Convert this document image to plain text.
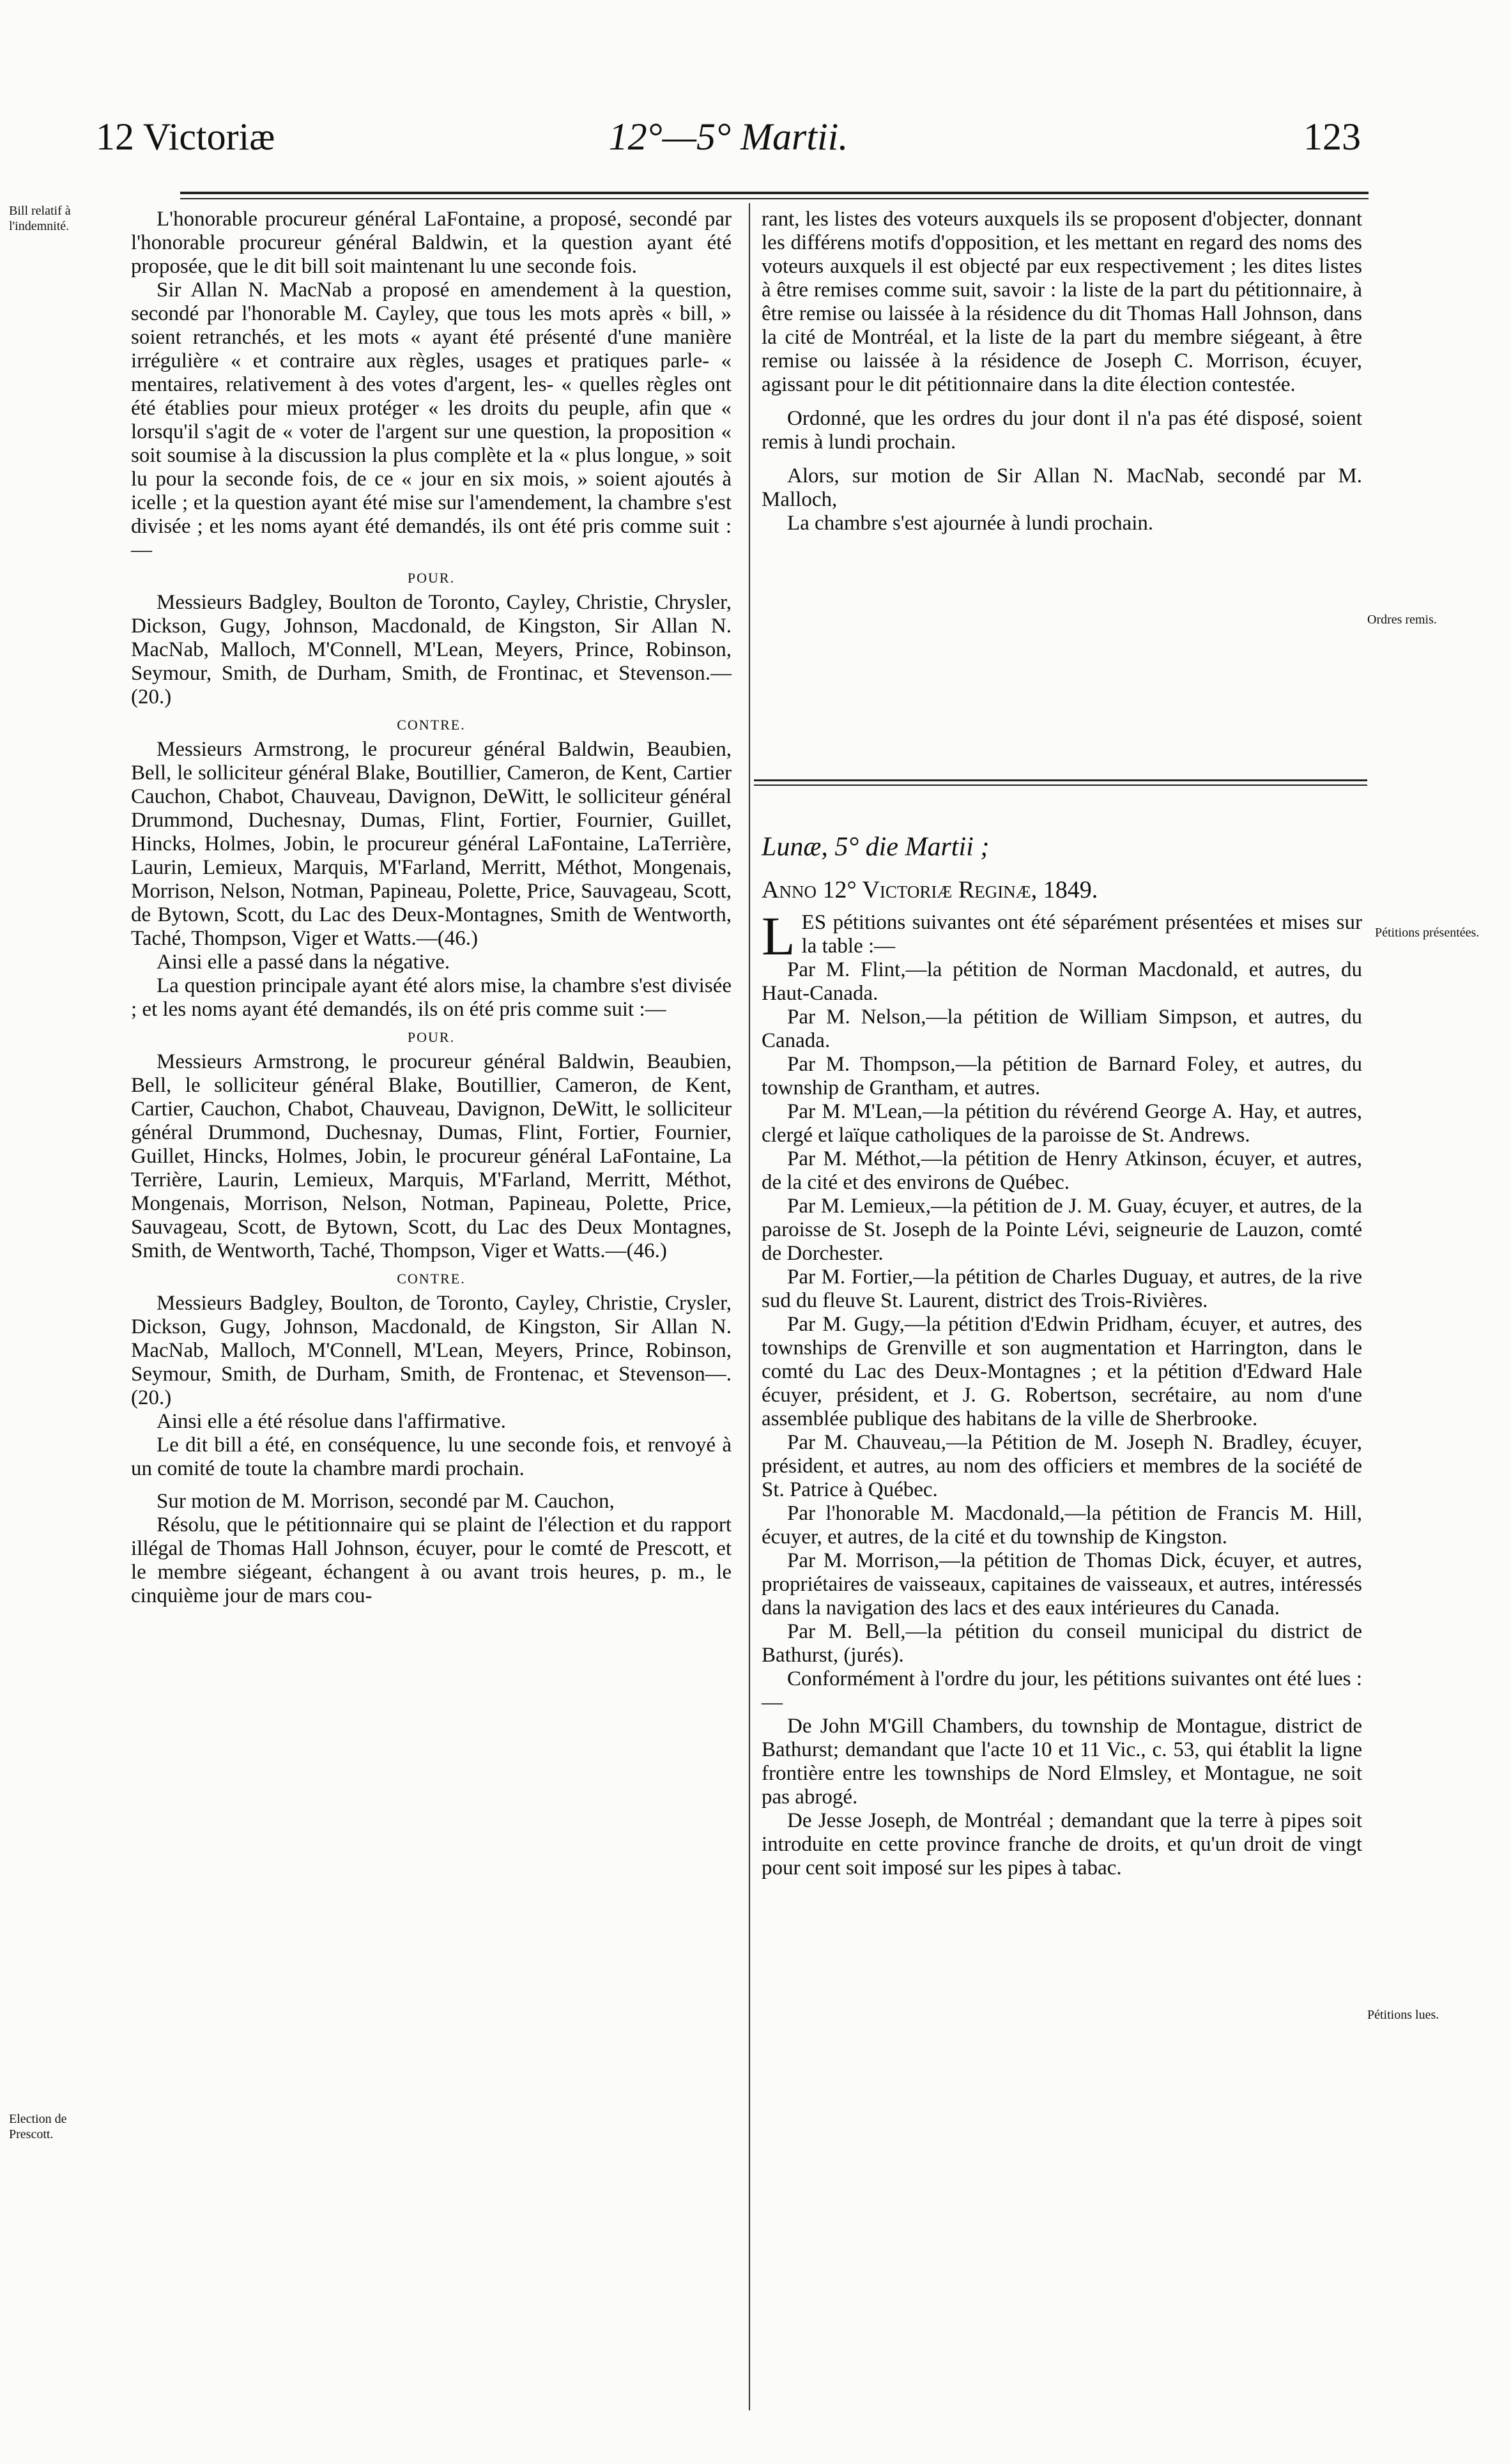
12 Victoriæ	12°—5° Martii.	123
Bill relatif à l'indemnité.
Election de Prescott.
Ordres remis.
Pétitions présentées.
Pétitions lues.

L'honorable procureur général LaFontaine, a proposé, secondé par l'honorable procureur général Baldwin, et la question ayant été proposée, que le dit bill soit maintenant lu une seconde fois.

Sir Allan N. MacNab a proposé en amendement à la question, secondé par l'honorable M. Cayley, que tous les mots après « bill, » soient retranchés, et les mots « ayant été présenté d'une manière irrégulière « et contraire aux règles, usages et pratiques parle- « mentaires, relativement à des votes d'argent, les- « quelles règles ont été établies pour mieux protéger « les droits du peuple, afin que « lorsqu'il s'agit de « voter de l'argent sur une question, la proposition « soit soumise à la discussion la plus complète et la « plus longue, » soit lu pour la seconde fois, de ce « jour en six mois, » soient ajoutés à icelle ; et la question ayant été mise sur l'amendement, la chambre s'est divisée ; et les noms ayant été demandés, ils ont été pris comme suit :—

POUR.

Messieurs Badgley, Boulton de Toronto, Cayley, Christie, Chrysler, Dickson, Gugy, Johnson, Macdonald, de Kingston, Sir Allan N. MacNab, Malloch, M'Connell, M'Lean, Meyers, Prince, Robinson, Seymour, Smith, de Durham, Smith, de Frontinac, et Stevenson.—(20.)

CONTRE.

Messieurs Armstrong, le procureur général Baldwin, Beaubien, Bell, le solliciteur général Blake, Boutillier, Cameron, de Kent, Cartier Cauchon, Chabot, Chauveau, Davignon, DeWitt, le solliciteur général Drummond, Duchesnay, Dumas, Flint, Fortier, Fournier, Guillet, Hincks, Holmes, Jobin, le procureur général LaFontaine, LaTerrière, Laurin, Lemieux, Marquis, M'Farland, Merritt, Méthot, Mongenais, Morrison, Nelson, Notman, Papineau, Polette, Price, Sauvageau, Scott, de Bytown, Scott, du Lac des Deux-Montagnes, Smith de Wentworth, Taché, Thompson, Viger et Watts.—(46.)

Ainsi elle a passé dans la négative.

La question principale ayant été alors mise, la chambre s'est divisée ; et les noms ayant été demandés, ils on été pris comme suit :—

POUR.

Messieurs Armstrong, le procureur général Baldwin, Beaubien, Bell, le solliciteur général Blake, Boutillier, Cameron, de Kent, Cartier, Cauchon, Chabot, Chauveau, Davignon, DeWitt, le solliciteur général Drummond, Duchesnay, Dumas, Flint, Fortier, Fournier, Guillet, Hincks, Holmes, Jobin, le procureur général LaFontaine, La Terrière, Laurin, Lemieux, Marquis, M'Farland, Merritt, Méthot, Mongenais, Morrison, Nelson, Notman, Papineau, Polette, Price, Sauvageau, Scott, de Bytown, Scott, du Lac des Deux Montagnes, Smith, de Wentworth, Taché, Thompson, Viger et Watts.—(46.)

CONTRE.

Messieurs Badgley, Boulton, de Toronto, Cayley, Christie, Crysler, Dickson, Gugy, Johnson, Macdonald, de Kingston, Sir Allan N. MacNab, Malloch, M'Connell, M'Lean, Meyers, Prince, Robinson, Seymour, Smith, de Durham, Smith, de Frontenac, et Stevenson—.(20.)

Ainsi elle a été résolue dans l'affirmative.

Le dit bill a été, en conséquence, lu une seconde fois, et renvoyé à un comité de toute la chambre mardi prochain.

Sur motion de M. Morrison, secondé par M. Cauchon,

Résolu, que le pétitionnaire qui se plaint de l'élection et du rapport illégal de Thomas Hall Johnson, écuyer, pour le comté de Prescott, et le membre siégeant, échangent à ou avant trois heures, p. m., le cinquième jour de mars cou-

rant, les listes des voteurs auxquels ils se proposent d'objecter, donnant les différens motifs d'opposition, et les mettant en regard des noms des voteurs auxquels il est objecté par eux respectivement ; les dites listes à être remises comme suit, savoir : la liste de la part du pétitionnaire, à être remise ou laissée à la résidence du dit Thomas Hall Johnson, dans la cité de Montréal, et la liste de la part du membre siégeant, à être remise ou laissée à la résidence de Joseph C. Morrison, écuyer, agissant pour le dit pétitionnaire dans la dite élection contestée.

Ordonné, que les ordres du jour dont il n'a pas été disposé, soient remis à lundi prochain.

Alors, sur motion de Sir Allan N. MacNab, secondé par M. Malloch,

La chambre s'est ajournée à lundi prochain.

Lunæ, 5° die Martii ;

Anno 12° Victoriæ Reginæ, 1849.

LES pétitions suivantes ont été séparément présentées et mises sur la table :—

Par M. Flint,—la pétition de Norman Macdonald, et autres, du Haut-Canada.

Par M. Nelson,—la pétition de William Simpson, et autres, du Canada.

Par M. Thompson,—la pétition de Barnard Foley, et autres, du township de Grantham, et autres.

Par M. M'Lean,—la pétition du révérend George A. Hay, et autres, clergé et laïque catholiques de la paroisse de St. Andrews.

Par M. Méthot,—la pétition de Henry Atkinson, écuyer, et autres, de la cité et des environs de Québec.

Par M. Lemieux,—la pétition de J. M. Guay, écuyer, et autres, de la paroisse de St. Joseph de la Pointe Lévi, seigneurie de Lauzon, comté de Dorchester.

Par M. Fortier,—la pétition de Charles Duguay, et autres, de la rive sud du fleuve St. Laurent, district des Trois-Rivières.

Par M. Gugy,—la pétition d'Edwin Pridham, écuyer, et autres, des townships de Grenville et son augmentation et Harrington, dans le comté du Lac des Deux-Montagnes ; et la pétition d'Edward Hale écuyer, président, et J. G. Robertson, secrétaire, au nom d'une assemblée publique des habitans de la ville de Sherbrooke.

Par M. Chauveau,—la Pétition de M. Joseph N. Bradley, écuyer, président, et autres, au nom des officiers et membres de la société de St. Patrice à Québec.

Par l'honorable M. Macdonald,—la pétition de Francis M. Hill, écuyer, et autres, de la cité et du township de Kingston.

Par M. Morrison,—la pétition de Thomas Dick, écuyer, et autres, propriétaires de vaisseaux, capitaines de vaisseaux, et autres, intéressés dans la navigation des lacs et des eaux intérieures du Canada.

Par M. Bell,—la pétition du conseil municipal du district de Bathurst, (jurés).

Conformément à l'ordre du jour, les pétitions suivantes ont été lues :—

De John M'Gill Chambers, du township de Montague, district de Bathurst; demandant que l'acte 10 et 11 Vic., c. 53, qui établit la ligne frontière entre les townships de Nord Elmsley, et Montague, ne soit pas abrogé.

De Jesse Joseph, de Montréal ; demandant que la terre à pipes soit introduite en cette province franche de droits, et qu'un droit de vingt pour cent soit imposé sur les pipes à tabac.
